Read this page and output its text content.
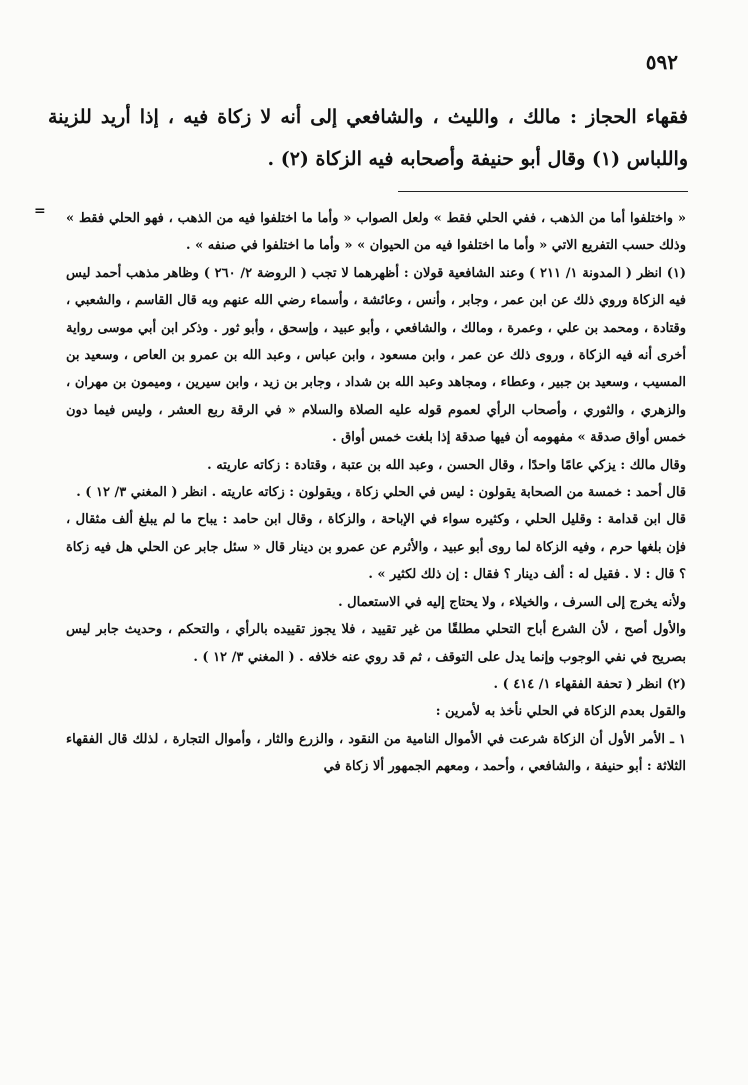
٥٩٢
فقهاء الحجاز : مالك ، والليث ، والشافعي إلى أنه لا زكاة فيه ، إذا أريد للزينة واللباس (١) وقال أبو حنيفة وأصحابه فيه الزكاة (٢) .
= « واختلفوا أما من الذهب ، ففي الحلي فقط » ولعل الصواب « وأما ما اختلفوا فيه من الذهب ، فهو الحلي فقط » وذلك حسب التفريع الاتي « وأما ما اختلفوا فيه من الحيوان » « وأما ما اختلفوا في صنفه » .

(١) انظر ( المدونة ١/ ٢١١ ) وعند الشافعية قولان : أظهرهما لا تجب ( الروضة ٢/ ٢٦٠ ) وظاهر مذهب أحمد ليس فيه الزكاة وروي ذلك عن ابن عمر ، وجابر ، وأنس ، وعائشة ، وأسماء رضي الله عنهم وبه قال القاسم ، والشعبي ، وقتادة ، ومحمد بن علي ، وعمرة ، ومالك ، والشافعي ، وأبو عبيد ، وإسحق ، وأبو ثور . وذكر ابن أبي موسى رواية أخرى أنه فيه الزكاة ، وروى ذلك عن عمر ، وابن مسعود ، وابن عباس ، وعبد الله بن عمرو بن العاص ، وسعيد بن المسيب ، وسعيد بن جبير ، وعطاء ، ومجاهد وعبد الله بن شداد ، وجابر بن زيد ، وابن سيرين ، وميمون بن مهران ، والزهري ، والثوري ، وأصحاب الرأي لعموم قوله عليه الصلاة والسلام « في الرقة ربع العشر ، وليس فيما دون خمس أواق صدقة » مفهومه أن فيها صدقة إذا بلغت خمس أواق .

وقال مالك : يزكي عامًا واحدًا ، وقال الحسن ، وعبد الله بن عتبة ، وقتادة : زكاته عاريته .

قال أحمد : خمسة من الصحابة يقولون : ليس في الحلي زكاة ، ويقولون : زكاته عاريته . انظر ( المغني ٣/ ١٢ ) .

قال ابن قدامة : وقليل الحلي ، وكثيره سواء في الإباحة ، والزكاة ، وقال ابن حامد : يباح ما لم يبلغ ألف مثقال ، فإن بلغها حرم ، وفيه الزكاة لما روى أبو عبيد ، والأثرم عن عمرو بن دينار قال « سئل جابر عن الحلي هل فيه زكاة ؟ قال : لا . فقيل له : ألف دينار ؟ فقال : إن ذلك لكثير » .

ولأنه يخرج إلى السرف ، والخيلاء ، ولا يحتاج إليه في الاستعمال .

والأول أصح ، لأن الشرع أباح التحلي مطلقًا من غير تقييد ، فلا يجوز تقييده بالرأي ، والتحكم ، وحديث جابر ليس بصريح في نفي الوجوب وإنما يدل على التوقف ، ثم قد روي عنه خلافه . ( المغني ٣/ ١٢ ) .

(٢) انظر ( تحفة الفقهاء ١/ ٤١٤ ) .

والقول بعدم الزكاة في الحلي نأخذ به لأمرين :

١ ـ الأمر الأول أن الزكاة شرعت في الأموال النامية من النقود ، والزرع والثار ، وأموال التجارة ، لذلك قال الفقهاء الثلاثة : أبو حنيفة ، والشافعي ، وأحمد ، ومعهم الجمهور ألا زكاة في
